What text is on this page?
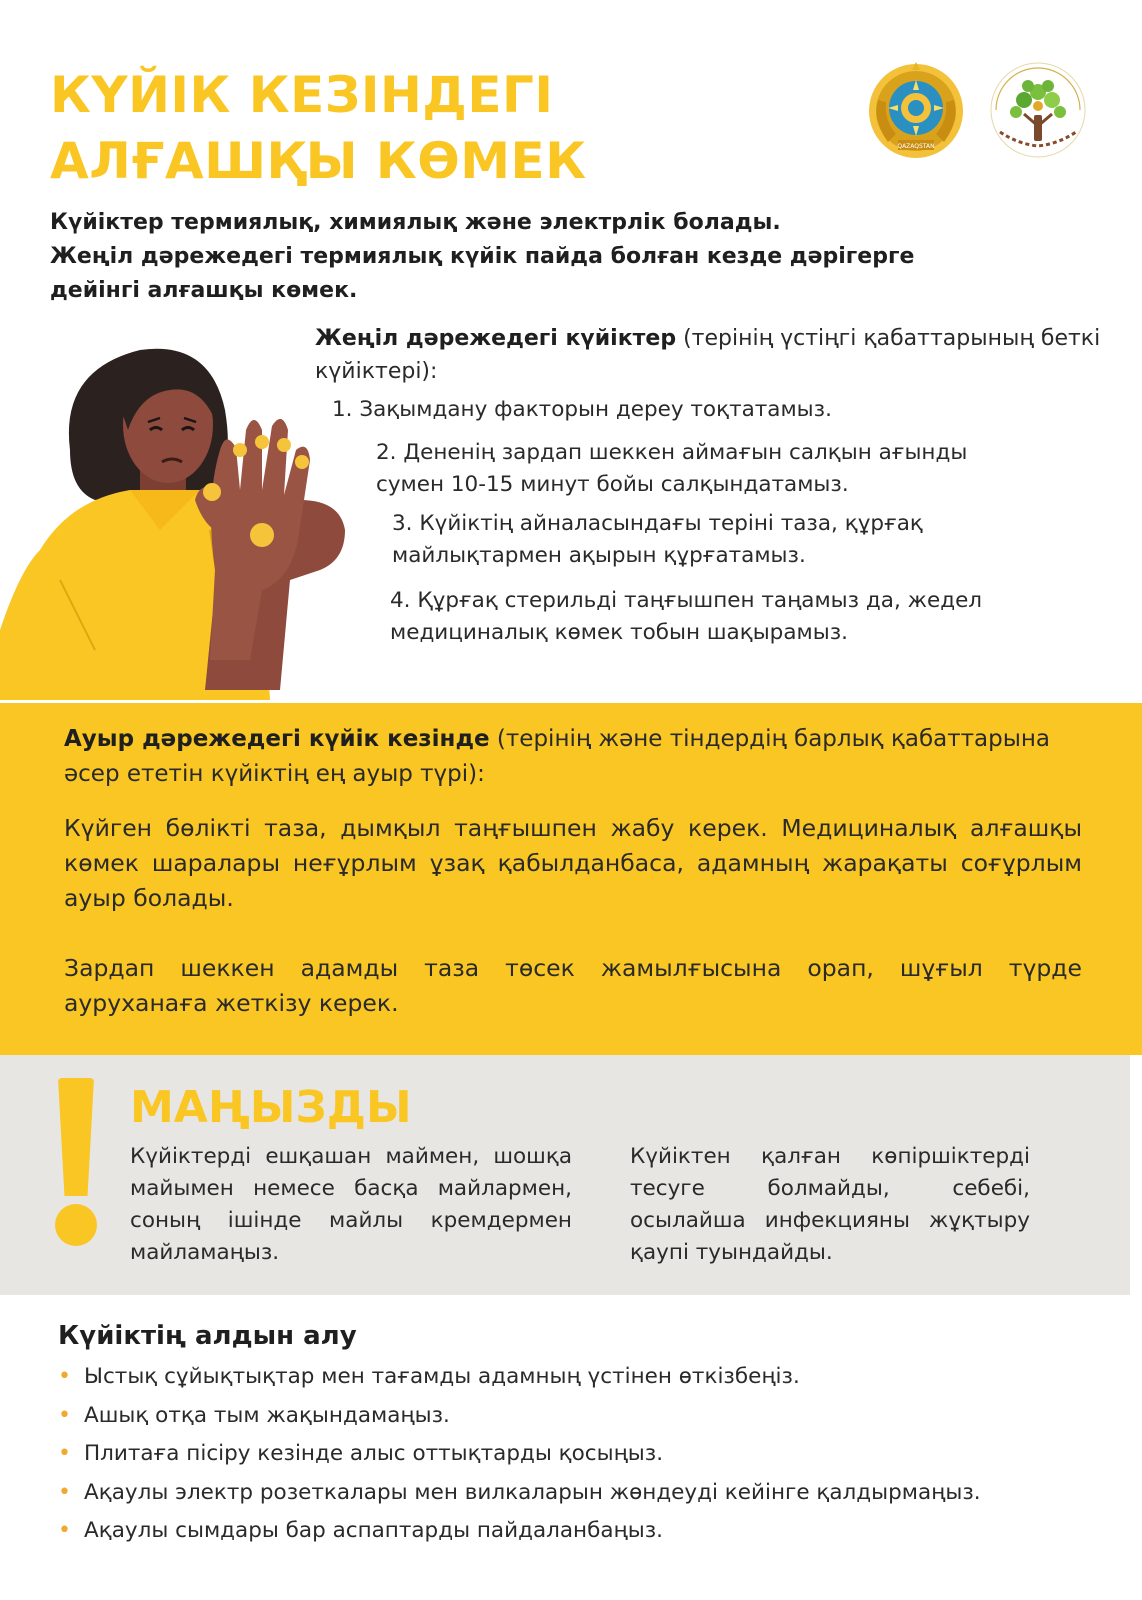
КҮЙІК КЕЗІНДЕГІ
АЛҒАШҚЫ КӨМЕК	QAZAQSTAN
Күйіктер термиялық, химиялық және электрлік болады.
Жеңіл дәрежедегі термиялық күйік пайда болған кезде дәрігерге
дейінгі алғашқы көмек.
Жеңіл дәрежедегі күйіктер (терінің үстіңгі қабаттарының беткі күйіктері):
1. Зақымдану факторын дереу тоқтатамыз.
2. Дененің зардап шеккен аймағын салқын ағынды сумен 10-15 минут бойы салқындатамыз.
3. Күйіктің айналасындағы теріні таза, құрғақ майлықтармен ақырын құрғатамыз.
4. Құрғақ стерильді таңғышпен таңамыз да, жедел медициналық көмек тобын шақырамыз.
Ауыр дәрежедегі күйік кезінде (терінің және тіндердің барлық қабаттарына әсер ететін күйіктің ең ауыр түрі):
Күйген бөлікті таза, дымқыл таңғышпен жабу керек. Медициналық алғашқы көмек шаралары неғұрлым ұзақ қабылданбаса, адамның жарақаты соғұрлым ауыр болады.
Зардап шеккен адамды таза төсек жамылғысына орап, шұғыл түрде ауруханаға жеткізу керек.
МАҢЫЗДЫ
Күйіктерді ешқашан маймен, шошқа майымен немесе басқа майлармен, соның ішінде майлы кремдермен майламаңыз.
Күйіктен қалған көпіршіктерді тесуге болмайды, себебі, осылайша инфекцияны жұқтыру қаупі туындайды.
Күйіктің алдын алу
• Ыстық сұйықтықтар мен тағамды адамның үстінен өткізбеңіз.
• Ашық отқа тым жақындамаңыз.
• Плитаға пісіру кезінде алыс оттықтарды қосыңыз.
• Ақаулы электр розеткалары мен вилкаларын жөндеуді кейінге қалдырмаңыз.
• Ақаулы сымдары бар аспаптарды пайдаланбаңыз.
